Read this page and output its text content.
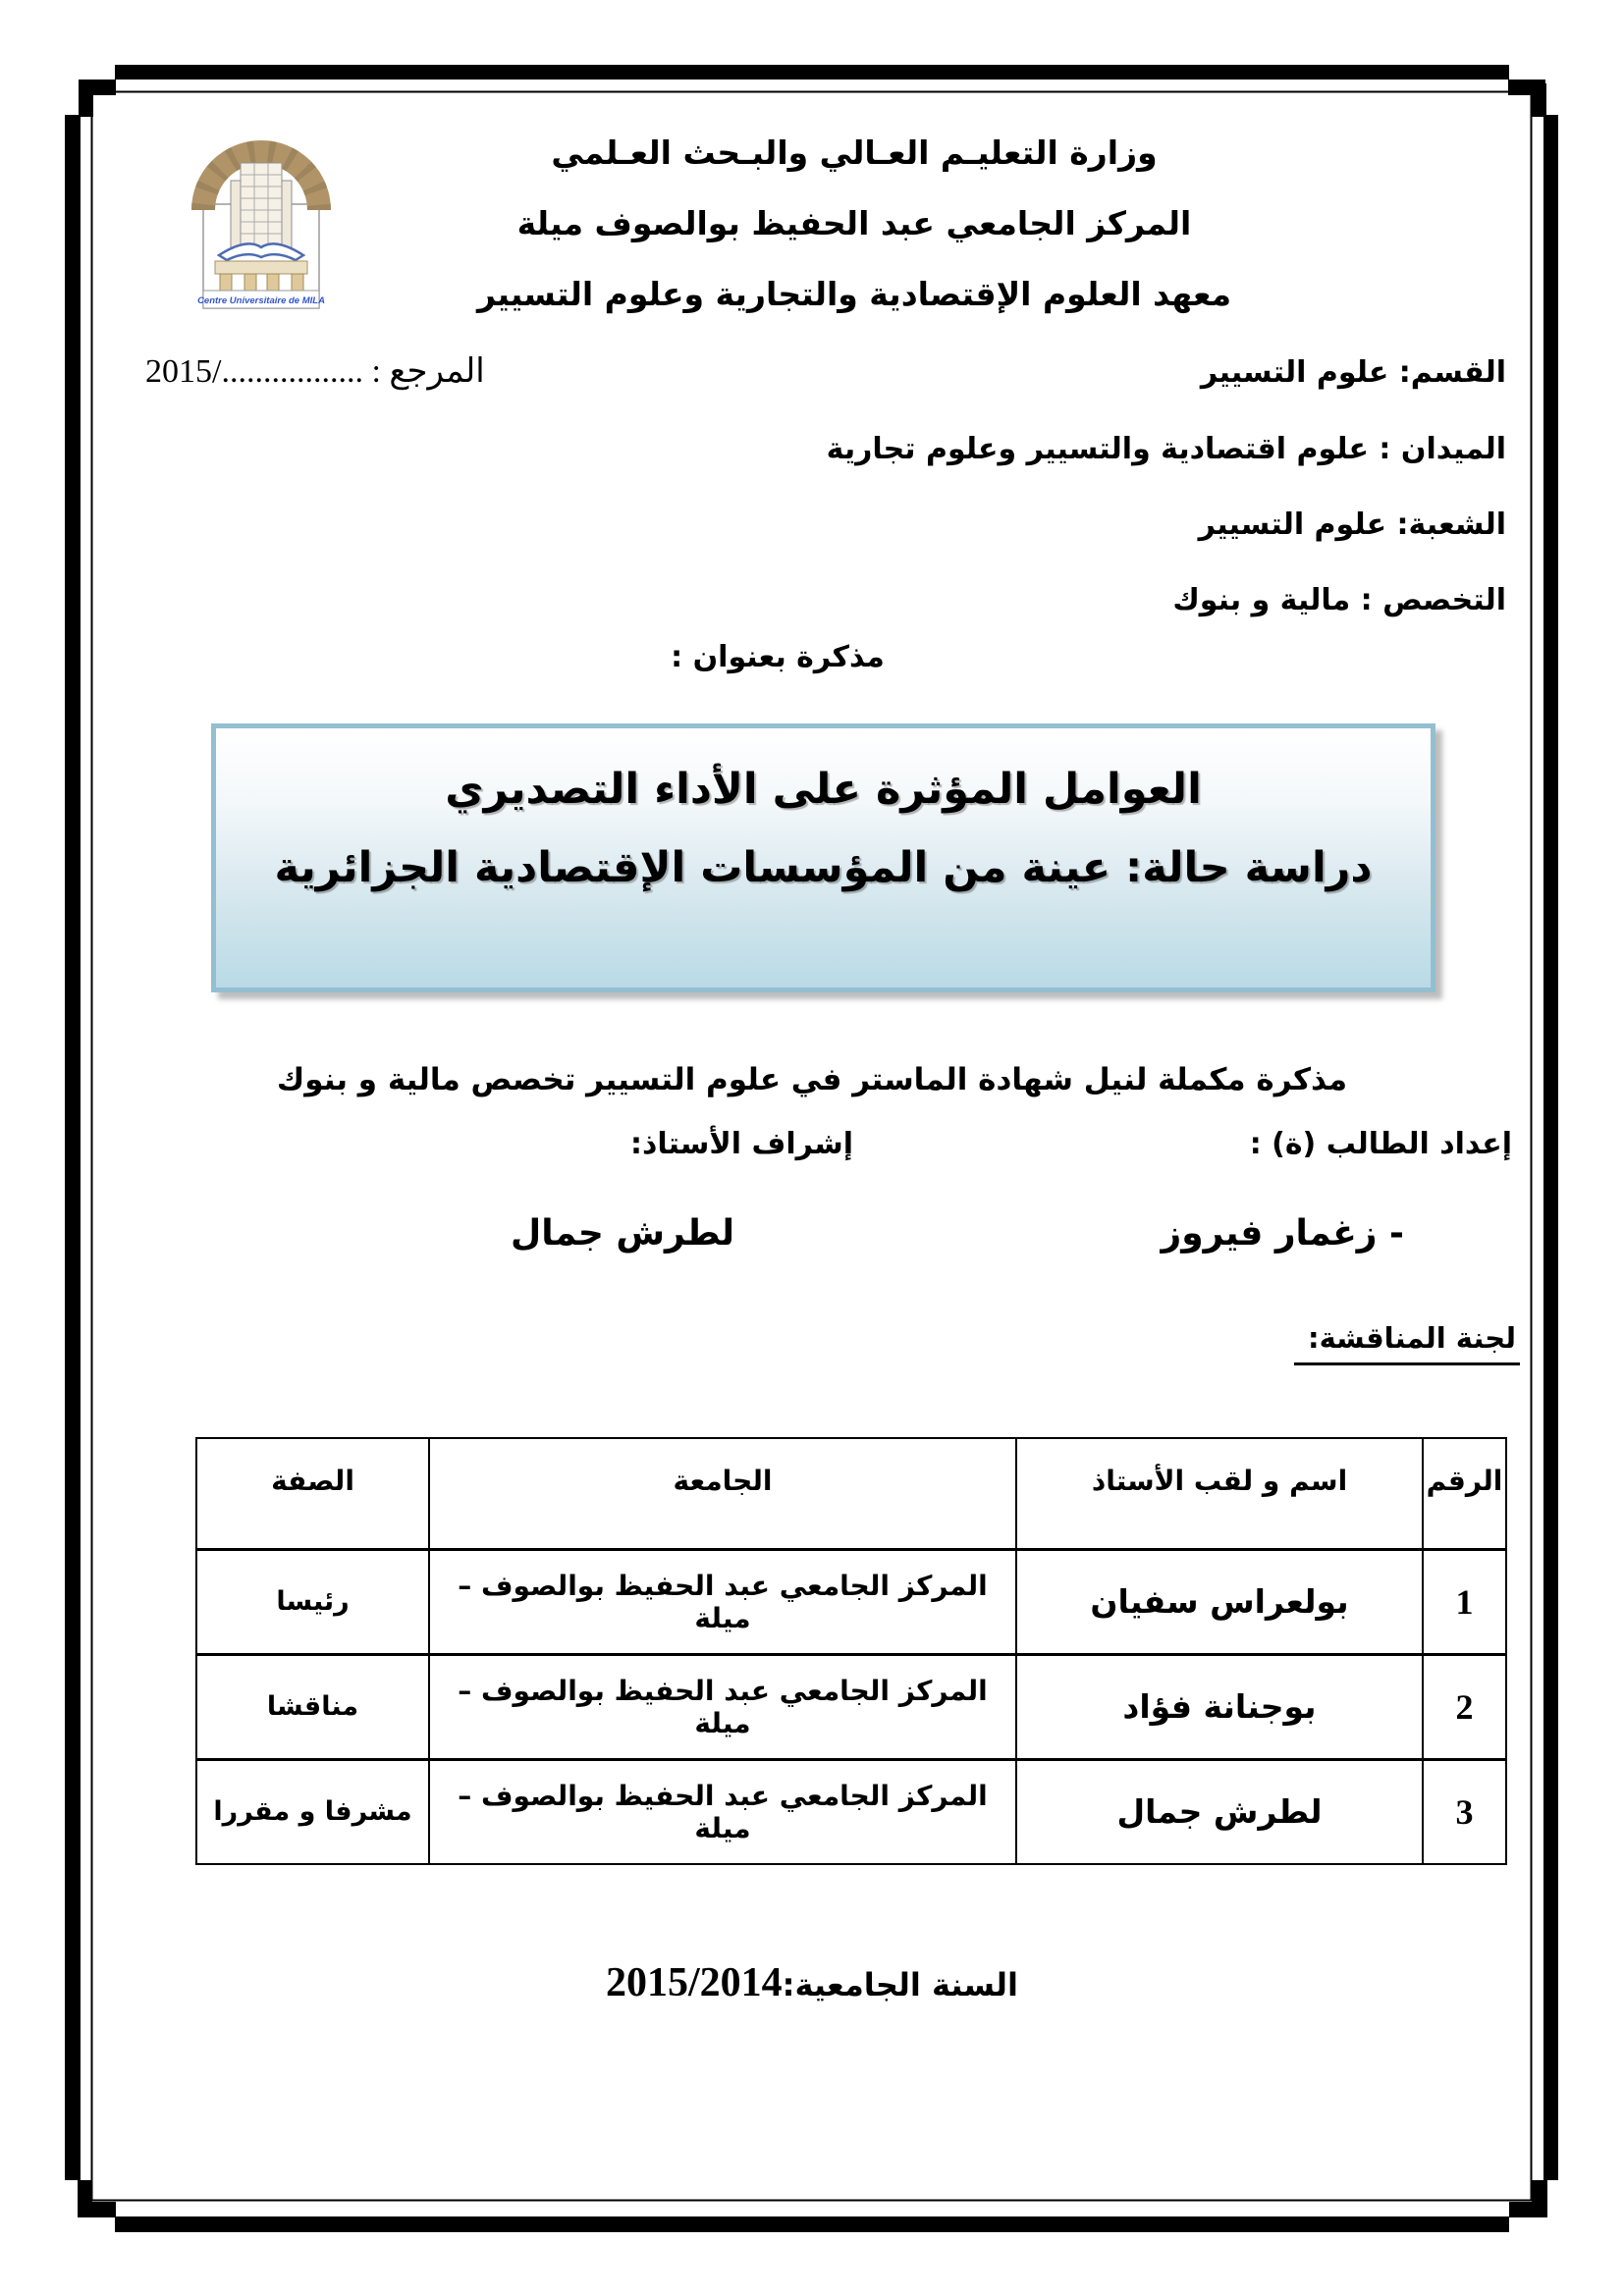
Centre Universitaire de MILA
وزارة التعليـم العـالي والبـحث العـلمي
المركز الجامعي عبد الحفيظ بوالصوف ميلة
معهد العلوم الإقتصادية والتجارية وعلوم التسيير
القسم: علوم التسيير
المرجع : ................./2015
الميدان : علوم اقتصادية والتسيير وعلوم تجارية
الشعبة: علوم التسيير
التخصص : مالية و بنوك
مذكرة بعنوان :
العوامل المؤثرة على الأداء التصديري
دراسة حالة: عينة من المؤسسات الإقتصادية الجزائرية
مذكرة مكملة لنيل شهادة الماستر في علوم التسيير تخصص مالية و بنوك
إعداد الطالب (ة) :
إشراف الأستاذ:
- زغمار فيروز
لطرش جمال
لجنة المناقشة:
الرقم	اسم و لقب الأستاذ	الجامعة	الصفة
1	بولعراس سفيان	المركز الجامعي عبد الحفيظ بوالصوف – ميلة	رئيسا
2	بوجنانة فؤاد	المركز الجامعي عبد الحفيظ بوالصوف – ميلة	مناقشا
3	لطرش جمال	المركز الجامعي عبد الحفيظ بوالصوف – ميلة	مشرفا و مقررا
السنة الجامعية:
2015/2014
